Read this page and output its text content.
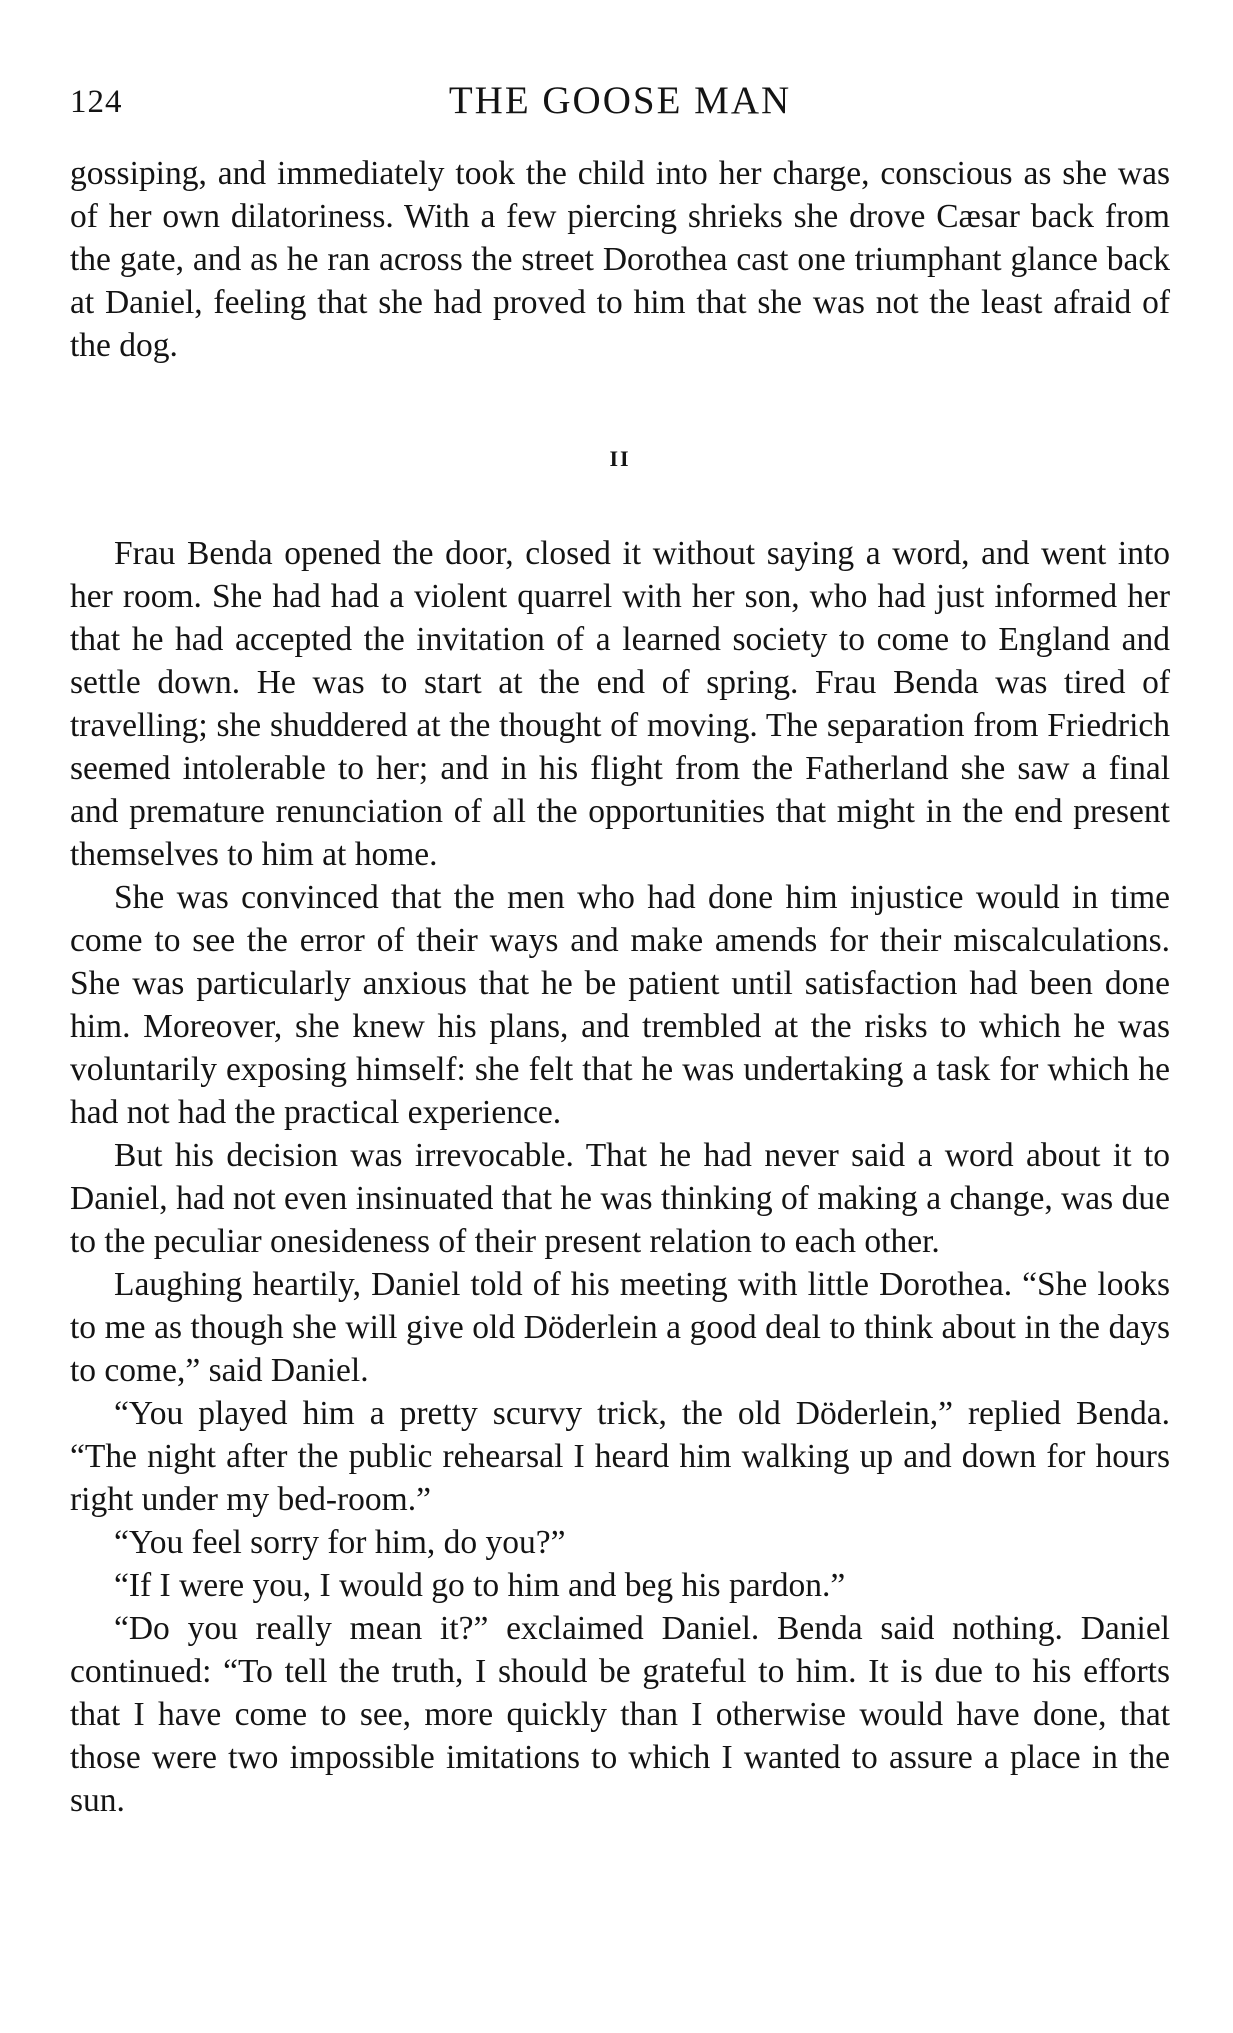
124	THE GOOSE MAN

gossiping, and immediately took the child into her charge, conscious as she was of her own dilatoriness. With a few piercing shrieks she drove Cæsar back from the gate, and as he ran across the street Dorothea cast one triumphant glance back at Daniel, feeling that she had proved to him that she was not the least afraid of the dog.

II

Frau Benda opened the door, closed it without saying a word, and went into her room. She had had a violent quarrel with her son, who had just informed her that he had accepted the invitation of a learned society to come to England and settle down. He was to start at the end of spring. Frau Benda was tired of travelling; she shuddered at the thought of moving. The separation from Friedrich seemed intolerable to her; and in his flight from the Fatherland she saw a final and premature renunciation of all the opportunities that might in the end present themselves to him at home.

She was convinced that the men who had done him injustice would in time come to see the error of their ways and make amends for their miscalculations. She was particularly anxious that he be patient until satisfaction had been done him. Moreover, she knew his plans, and trembled at the risks to which he was voluntarily exposing himself: she felt that he was undertaking a task for which he had not had the practical experience.

But his decision was irrevocable. That he had never said a word about it to Daniel, had not even insinuated that he was thinking of making a change, was due to the peculiar onesideness of their present relation to each other.

Laughing heartily, Daniel told of his meeting with little Dorothea. “She looks to me as though she will give old Döderlein a good deal to think about in the days to come,” said Daniel.

“You played him a pretty scurvy trick, the old Döderlein,” replied Benda. “The night after the public rehearsal I heard him walking up and down for hours right under my bed-room.”

“You feel sorry for him, do you?”

“If I were you, I would go to him and beg his pardon.”

“Do you really mean it?” exclaimed Daniel. Benda said nothing. Daniel continued: “To tell the truth, I should be grateful to him. It is due to his efforts that I have come to see, more quickly than I otherwise would have done, that those were two impossible imitations to which I wanted to assure a place in the sun.
